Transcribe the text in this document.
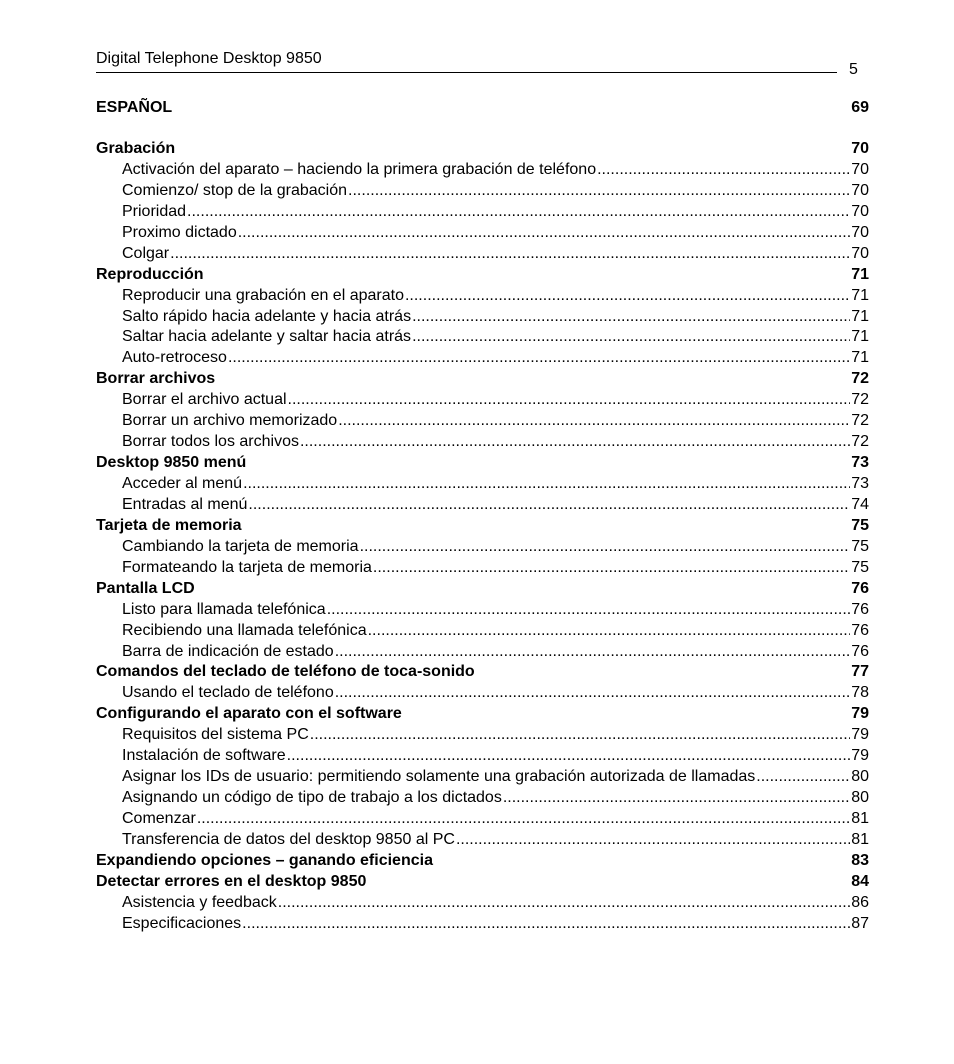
Digital Telephone Desktop 9850
5
ESPAÑOL	69
Grabación	70
Activación del aparato – haciendo la primera grabación de teléfono .....	70
Comienzo/ stop de la grabación .....	70
Prioridad .....	70
Proximo dictado .....	70
Colgar .....	70
Reproducción	71
Reproducir una grabación en el aparato .....	71
Salto rápido hacia adelante y hacia atrás .....	71
Saltar hacia adelante y saltar hacia atrás .....	71
Auto-retroceso .....	71
Borrar archivos	72
Borrar el archivo actual .....	72
Borrar un archivo memorizado .....	72
Borrar todos los archivos .....	72
Desktop 9850 menú	73
Acceder al menú .....	73
Entradas al menú .....	74
Tarjeta de memoria	75
Cambiando la tarjeta de memoria .....	75
Formateando la tarjeta de memoria .....	75
Pantalla LCD	76
Listo para llamada telefónica .....	76
Recibiendo una llamada telefónica .....	76
Barra de indicación de estado .....	76
Comandos del teclado de teléfono de toca-sonido	77
Usando el teclado de teléfono .....	78
Configurando el aparato con el software	79
Requisitos del sistema PC .....	79
Instalación de software .....	79
Asignar los IDs de usuario: permitiendo solamente una grabación autorizada de llamadas .....	80
Asignando un código de tipo de trabajo a los dictados .....	80
Comenzar .....	81
Transferencia de datos del desktop 9850 al PC .....	81
Expandiendo opciones – ganando eficiencia	83
Detectar errores en el desktop 9850	84
Asistencia y feedback .....	86
Especificaciones .....	87
